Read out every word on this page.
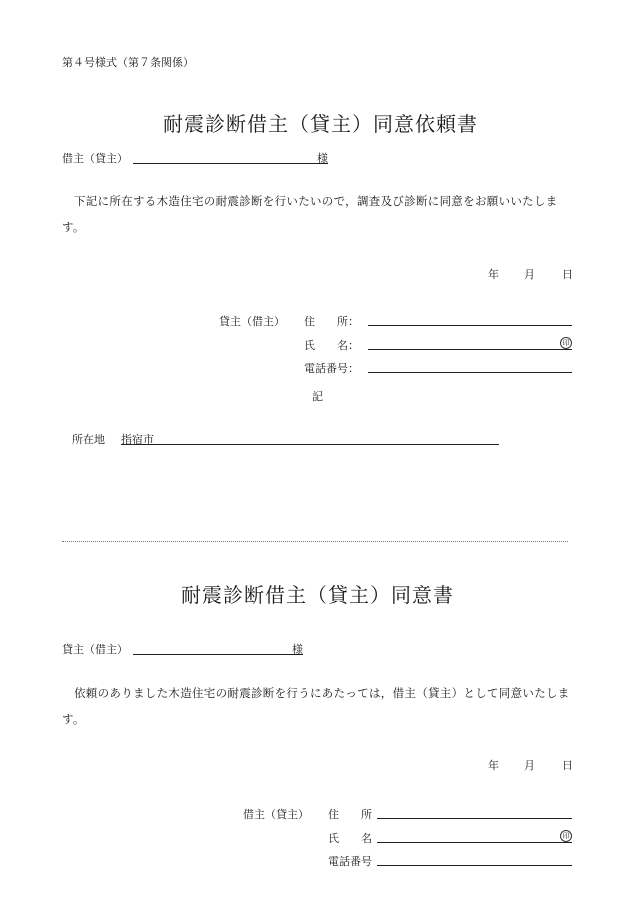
第４号様式（第７条関係）
耐震診断借主（貸主）同意依頼書
借主（貸主）	様
下記に所在する木造住宅の耐震診断を行いたいので，調査及び診断に同意をお願いいたします。
年 月 日
貸主（借主） 住　　所：
氏　　名：	印
電話番号：
記
所在地 指宿市
耐震診断借主（貸主）同意書
貸主（借主）	様
依頼のありました木造住宅の耐震診断を行うにあたっては，借主（貸主）として同意いたします。
年 月 日
借主（貸主） 住　　所
氏　　名	印
電話番号
